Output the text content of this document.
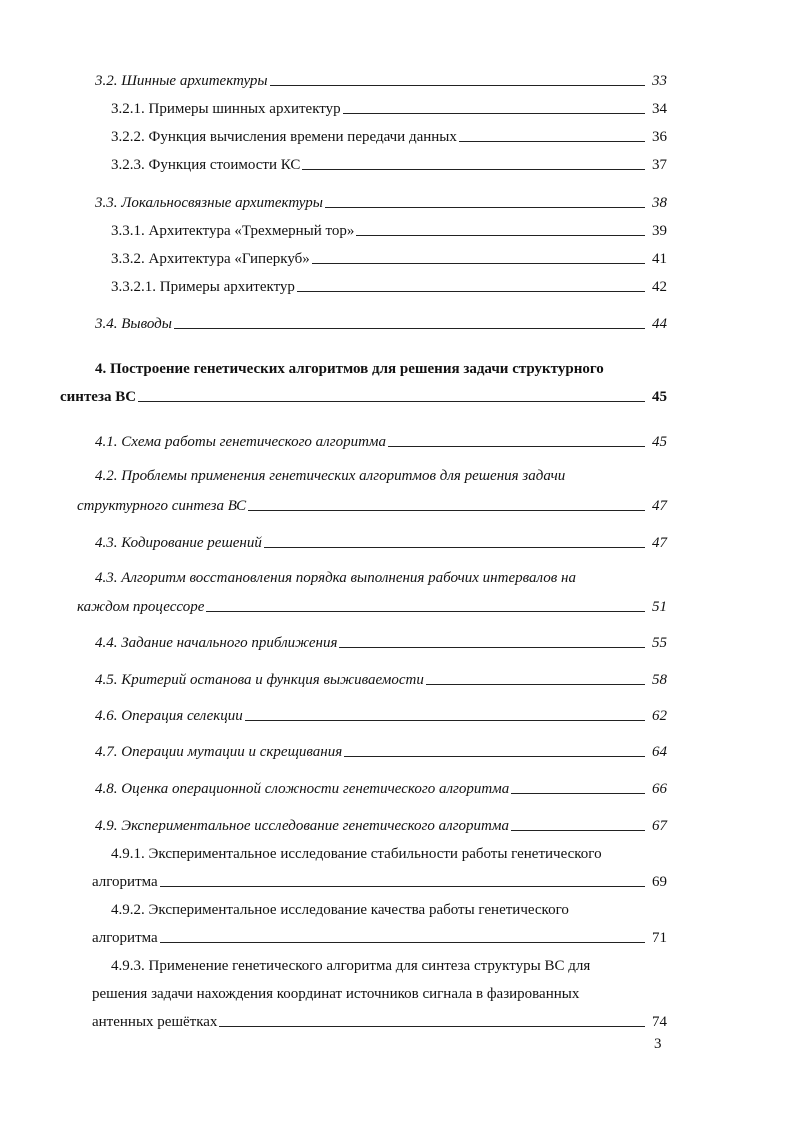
3.2. Шинные архитектуры	33
3.2.1. Примеры шинных архитектур	34
3.2.2. Функция вычисления времени передачи данных	36
3.2.3. Функция стоимости КС	37
3.3. Локальносвязные архитектуры	38
3.3.1. Архитектура «Трехмерный тор»	39
3.3.2. Архитектура «Гиперкуб»	41
3.3.2.1. Примеры архитектур	42
3.4. Выводы	44
4. Построение генетических алгоритмов для решения задачи структурного
синтеза ВС	45
4.1. Схема работы генетического алгоритма	45
4.2. Проблемы применения генетических алгоритмов для решения задачи
структурного синтеза ВС	47
4.3. Кодирование решений	47
4.3. Алгоритм восстановления порядка выполнения рабочих интервалов на
каждом процессоре	51
4.4. Задание начального приближения	55
4.5. Критерий останова и функция выживаемости	58
4.6. Операция селекции	62
4.7. Операции мутации и скрещивания	64
4.8. Оценка операционной сложности генетического алгоритма	66
4.9. Экспериментальное исследование генетического алгоритма	67
4.9.1. Экспериментальное исследование стабильности работы генетического
алгоритма	69
4.9.2. Экспериментальное исследование качества работы генетического
алгоритма	71
4.9.3. Применение генетического алгоритма для синтеза структуры ВС для
решения задачи нахождения координат источников сигнала в фазированных
антенных решётках	74
3
